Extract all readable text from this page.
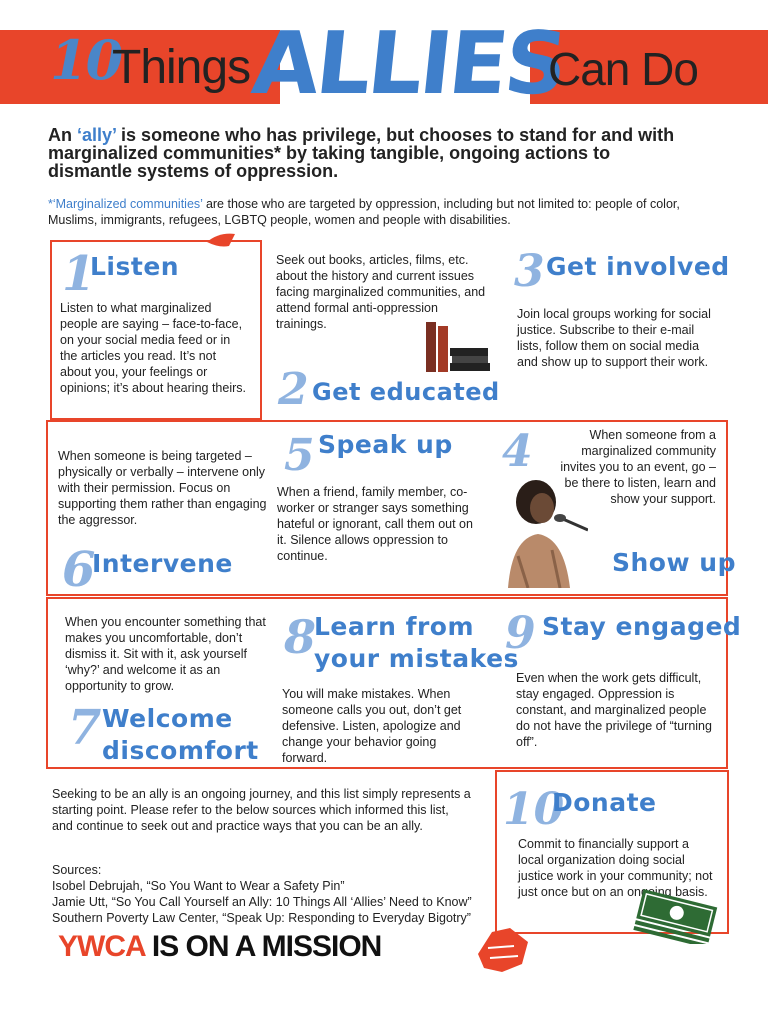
10
Things
ALLIES
Can Do
An ‘ally’ is someone who has privilege, but chooses to stand for and with marginalized communities* by taking tangible, ongoing actions to dismantle systems of oppression.
*‘Marginalized communities’ are those who are targeted by oppression, including but not limited to: people of color, Muslims, immigrants, refugees, LGBTQ people, women and people with disabilities.
1
Listen
Listen to what marginalized people are saying – face-to-face, on your social media feed or in the articles you read. It’s not about you, your feelings or opinions; it’s about hearing theirs.
Seek out books, articles, films, etc. about the history and current issues facing marginalized communities, and attend formal anti-oppression trainings.
2 Get educated
3 Get involved
Join local groups working for social justice. Subscribe to their e-mail lists, follow them on social media and show up to support their work.
4	When someone from a marginalized community invites you to an event, go – be there to listen, learn and show your support.
Show up
5 Speak up
When a friend, family member, co-worker or stranger says something hateful or ignorant, call them out on it. Silence allows oppression to continue.
When someone is being targeted – physically or verbally – intervene only with their permission. Focus on supporting them rather than engaging the aggressor.
6
Intervene
When you encounter something that makes you uncomfortable, don’t dismiss it. Sit with it, ask yourself ‘why?’ and welcome it as an opportunity to grow.
7 Welcome
discomfort
8
Learn from
your mistakes
You will make mistakes. When someone calls you out, don’t get defensive. Listen, apologize and change your behavior going forward.
9 Stay engaged
Even when the work gets difficult, stay engaged. Oppression is constant, and marginalized people do not have the privilege of “turning off”.
Seeking to be an ally is an ongoing journey, and this list simply represents a starting point. Please refer to the below sources which informed this list, and continue to seek out and practice ways that you can be an ally.
Sources:
Isobel Debrujah, “So You Want to Wear a Safety Pin”
Jamie Utt, “So You Call Yourself an Ally: 10 Things All ‘Allies’ Need to Know”
Southern Poverty Law Center, “Speak Up: Responding to Everyday Bigotry”
10
Donate
Commit to financially support a local organization doing social justice work in your community; not just once but on an ongoing basis.
YWCA IS ON A MISSION
